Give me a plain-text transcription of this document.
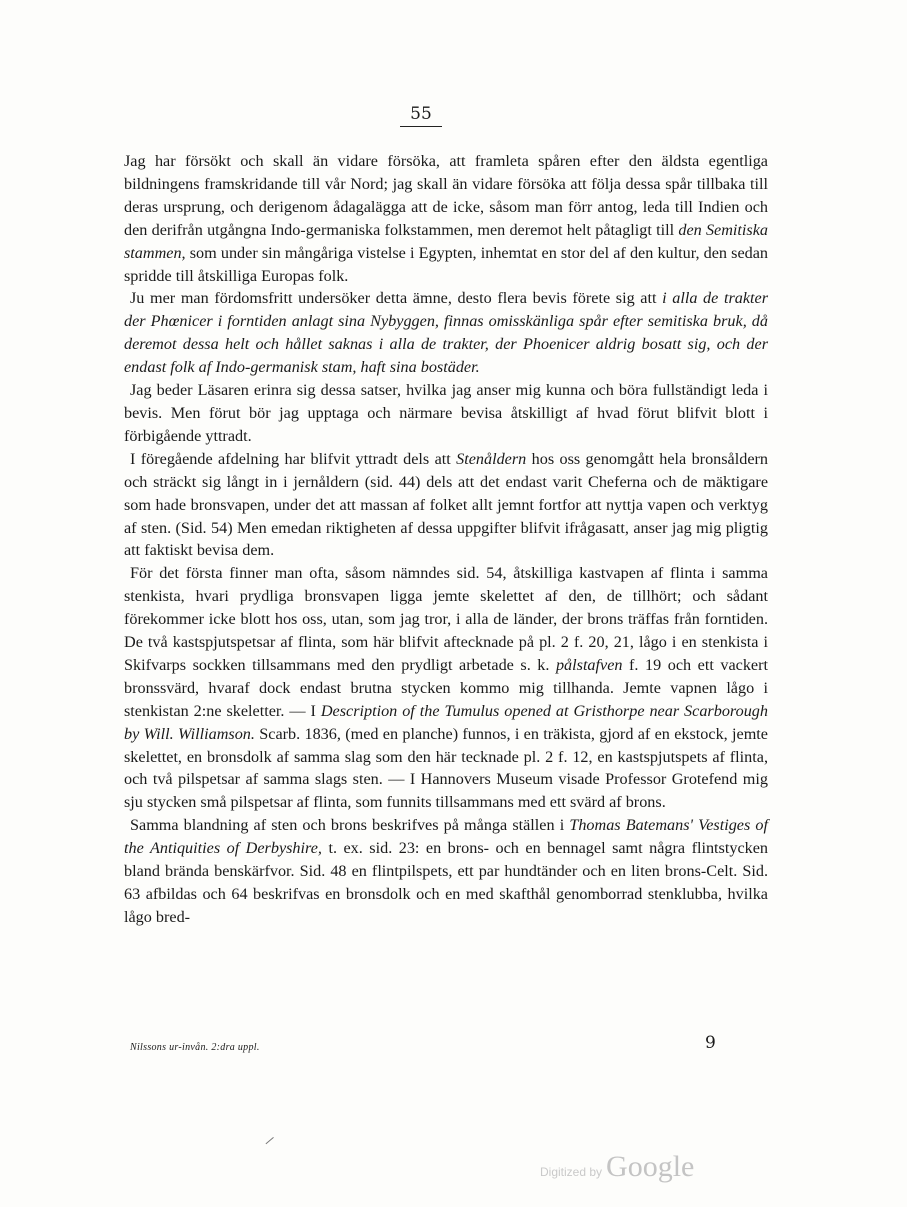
55

Jag har försökt och skall än vidare försöka, att framleta spåren efter den äldsta egentliga bildningens framskridande till vår Nord; jag skall än vidare försöka att följa dessa spår tillbaka till deras ursprung, och derigenom ådagalägga att de icke, såsom man förr antog, leda till Indien och den derifrån utgångna Indo-germaniska folkstammen, men deremot helt påtagligt till den Semitiska stammen, som under sin mångåriga vistelse i Egypten, inhemtat en stor del af den kultur, den sedan spridde till åtskilliga Europas folk.

Ju mer man fördomsfritt undersöker detta ämne, desto flera bevis förete sig att i alla de trakter der Phœnicer i forntiden anlagt sina Nybyggen, finnas omisskänliga spår efter semitiska bruk, då deremot dessa helt och hållet saknas i alla de trakter, der Phoenicer aldrig bosatt sig, och der endast folk af Indo-germanisk stam, haft sina bostäder.

Jag beder Läsaren erinra sig dessa satser, hvilka jag anser mig kunna och böra fullständigt leda i bevis. Men förut bör jag upptaga och närmare bevisa åtskilligt af hvad förut blifvit blott i förbigående yttradt.

I föregående afdelning har blifvit yttradt dels att Stenåldern hos oss genomgått hela bronsåldern och sträckt sig långt in i jernåldern (sid. 44) dels att det endast varit Cheferna och de mäktigare som hade bronsvapen, under det att massan af folket allt jemnt fortfor att nyttja vapen och verktyg af sten. (Sid. 54) Men emedan riktigheten af dessa uppgifter blifvit ifrågasatt, anser jag mig pligtig att faktiskt bevisa dem.

För det första finner man ofta, såsom nämndes sid. 54, åtskilliga kastvapen af flinta i samma stenkista, hvari prydliga bronsvapen ligga jemte skelettet af den, de tillhört; och sådant förekommer icke blott hos oss, utan, som jag tror, i alla de länder, der brons träffas från forntiden. De två kastspjutspetsar af flinta, som här blifvit aftecknade på pl. 2 f. 20, 21, lågo i en stenkista i Skifvarps sockken tillsammans med den prydligt arbetade s. k. pålstafven f. 19 och ett vackert bronssvärd, hvaraf dock endast brutna stycken kommo mig tillhanda. Jemte vapnen lågo i stenkistan 2:ne skeletter. — I Description of the Tumulus opened at Gristhorpe near Scarborough by Will. Williamson. Scarb. 1836, (med en planche) funnos, i en träkista, gjord af en ekstock, jemte skelettet, en bronsdolk af samma slag som den här tecknade pl. 2 f. 12, en kastspjutspets af flinta, och två pilspetsar af samma slags sten. — I Hannovers Museum visade Professor Grotefend mig sju stycken små pilspetsar af flinta, som funnits tillsammans med ett svärd af brons.

Samma blandning af sten och brons beskrifves på många ställen i Thomas Batemans' Vestiges of the Antiquities of Derbyshire, t. ex. sid. 23: en brons- och en bennagel samt några flintstycken bland brända benskärfvor. Sid. 48 en flintpilspets, ett par hundtänder och en liten brons-Celt. Sid. 63 afbildas och 64 beskrifvas en bronsdolk och en med skafthål genomborrad stenklubba, hvilka lågo bred-

Nilssons ur-invån. 2:dra uppl.	9
Digitized by Google
